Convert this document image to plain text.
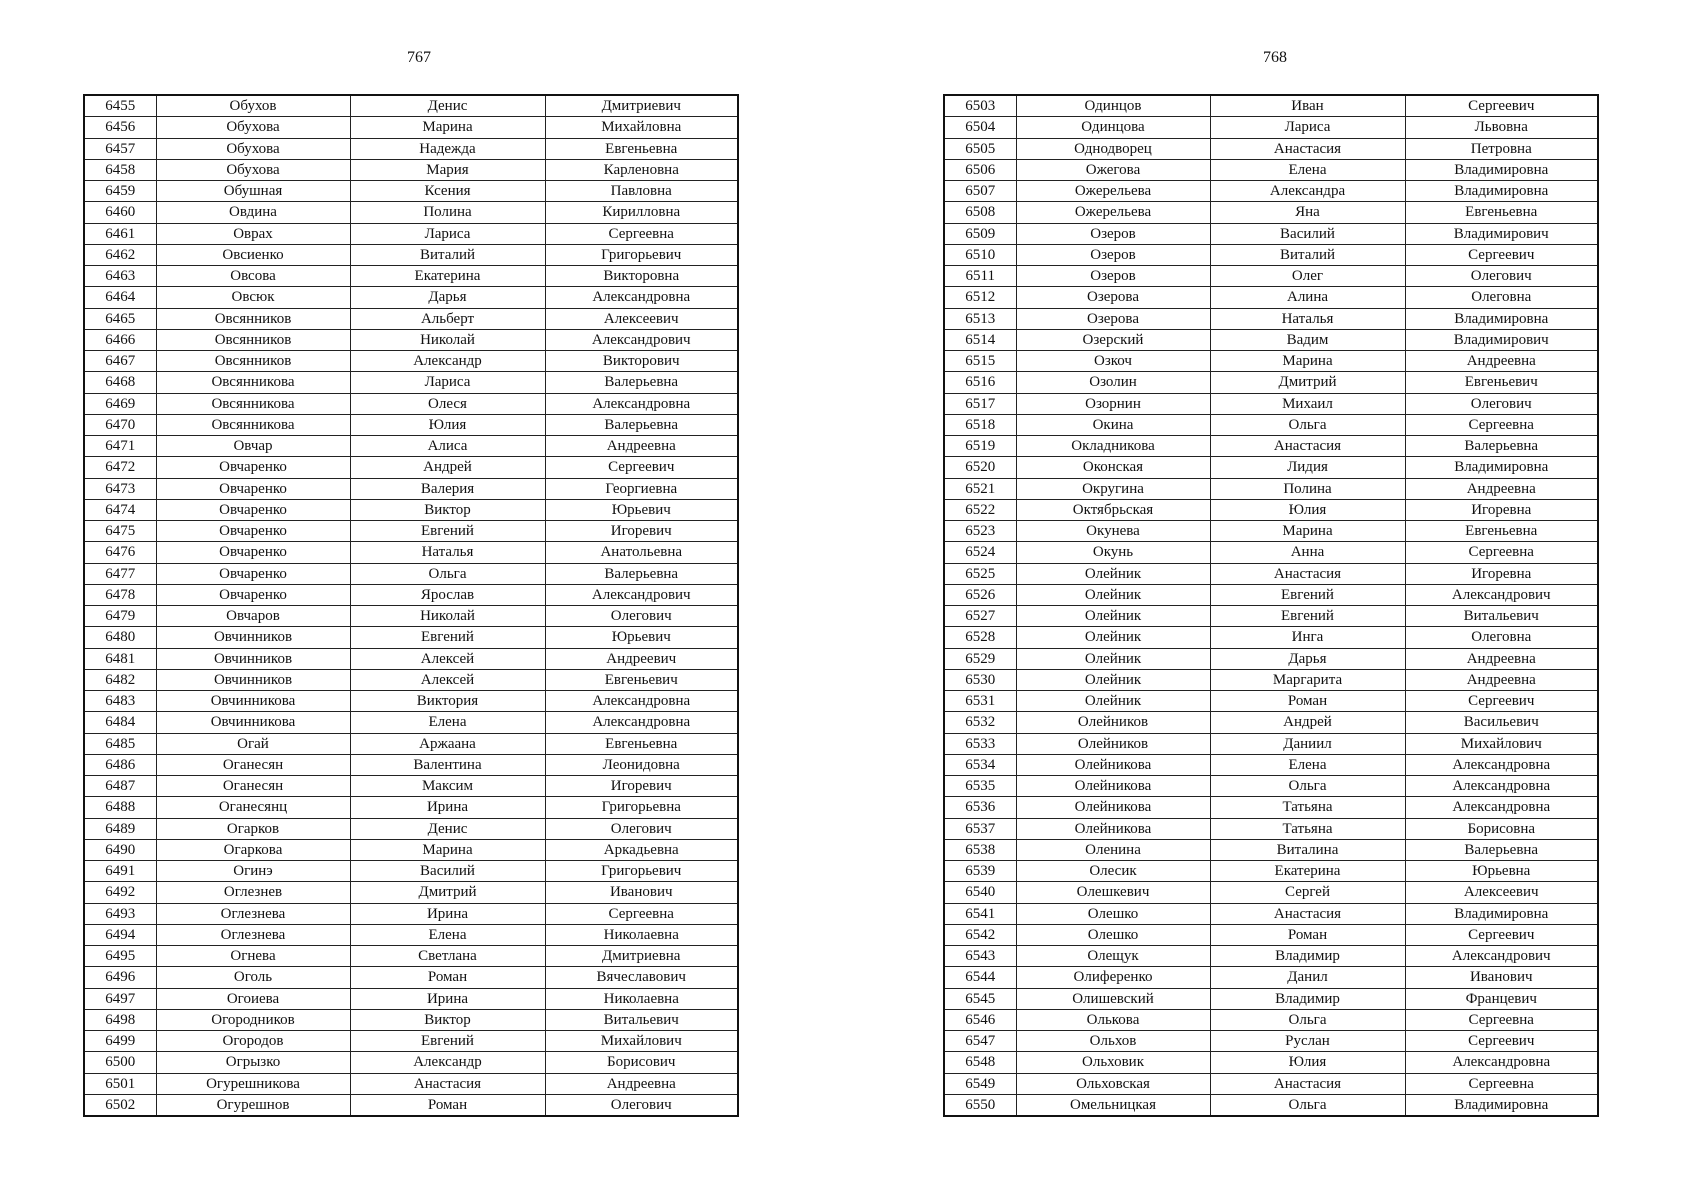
767
6455	Обухов	Денис	Дмитриевич
6456	Обухова	Марина	Михайловна
6457	Обухова	Надежда	Евгеньевна
6458	Обухова	Мария	Карленовна
6459	Обушная	Ксения	Павловна
6460	Овдина	Полина	Кирилловна
6461	Оврах	Лариса	Сергеевна
6462	Овсиенко	Виталий	Григорьевич
6463	Овсова	Екатерина	Викторовна
6464	Овсюк	Дарья	Александровна
6465	Овсянников	Альберт	Алексеевич
6466	Овсянников	Николай	Александрович
6467	Овсянников	Александр	Викторович
6468	Овсянникова	Лариса	Валерьевна
6469	Овсянникова	Олеся	Александровна
6470	Овсянникова	Юлия	Валерьевна
6471	Овчар	Алиса	Андреевна
6472	Овчаренко	Андрей	Сергеевич
6473	Овчаренко	Валерия	Георгиевна
6474	Овчаренко	Виктор	Юрьевич
6475	Овчаренко	Евгений	Игоревич
6476	Овчаренко	Наталья	Анатольевна
6477	Овчаренко	Ольга	Валерьевна
6478	Овчаренко	Ярослав	Александрович
6479	Овчаров	Николай	Олегович
6480	Овчинников	Евгений	Юрьевич
6481	Овчинников	Алексей	Андреевич
6482	Овчинников	Алексей	Евгеньевич
6483	Овчинникова	Виктория	Александровна
6484	Овчинникова	Елена	Александровна
6485	Огай	Аржаана	Евгеньевна
6486	Оганесян	Валентина	Леонидовна
6487	Оганесян	Максим	Игоревич
6488	Оганесянц	Ирина	Григорьевна
6489	Огарков	Денис	Олегович
6490	Огаркова	Марина	Аркадьевна
6491	Огинэ	Василий	Григорьевич
6492	Оглезнев	Дмитрий	Иванович
6493	Оглезнева	Ирина	Сергеевна
6494	Оглезнева	Елена	Николаевна
6495	Огнева	Светлана	Дмитриевна
6496	Оголь	Роман	Вячеславович
6497	Огоиева	Ирина	Николаевна
6498	Огородников	Виктор	Витальевич
6499	Огородов	Евгений	Михайлович
6500	Огрызко	Александр	Борисович
6501	Огурешникова	Анастасия	Андреевна
6502	Огурешнов	Роман	Олегович
768
6503	Одинцов	Иван	Сергеевич
6504	Одинцова	Лариса	Львовна
6505	Однодворец	Анастасия	Петровна
6506	Ожегова	Елена	Владимировна
6507	Ожерельева	Александра	Владимировна
6508	Ожерельева	Яна	Евгеньевна
6509	Озеров	Василий	Владимирович
6510	Озеров	Виталий	Сергеевич
6511	Озеров	Олег	Олегович
6512	Озерова	Алина	Олеговна
6513	Озерова	Наталья	Владимировна
6514	Озерский	Вадим	Владимирович
6515	Озкоч	Марина	Андреевна
6516	Озолин	Дмитрий	Евгеньевич
6517	Озорнин	Михаил	Олегович
6518	Окина	Ольга	Сергеевна
6519	Окладникова	Анастасия	Валерьевна
6520	Оконская	Лидия	Владимировна
6521	Округина	Полина	Андреевна
6522	Октябрьская	Юлия	Игоревна
6523	Окунева	Марина	Евгеньевна
6524	Окунь	Анна	Сергеевна
6525	Олейник	Анастасия	Игоревна
6526	Олейник	Евгений	Александрович
6527	Олейник	Евгений	Витальевич
6528	Олейник	Инга	Олеговна
6529	Олейник	Дарья	Андреевна
6530	Олейник	Маргарита	Андреевна
6531	Олейник	Роман	Сергеевич
6532	Олейников	Андрей	Васильевич
6533	Олейников	Даниил	Михайлович
6534	Олейникова	Елена	Александровна
6535	Олейникова	Ольга	Александровна
6536	Олейникова	Татьяна	Александровна
6537	Олейникова	Татьяна	Борисовна
6538	Оленина	Виталина	Валерьевна
6539	Олесик	Екатерина	Юрьевна
6540	Олешкевич	Сергей	Алексеевич
6541	Олешко	Анастасия	Владимировна
6542	Олешко	Роман	Сергеевич
6543	Олещук	Владимир	Александрович
6544	Олиференко	Данил	Иванович
6545	Олишевский	Владимир	Францевич
6546	Олькова	Ольга	Сергеевна
6547	Ольхов	Руслан	Сергеевич
6548	Ольховик	Юлия	Александровна
6549	Ольховская	Анастасия	Сергеевна
6550	Омельницкая	Ольга	Владимировна
